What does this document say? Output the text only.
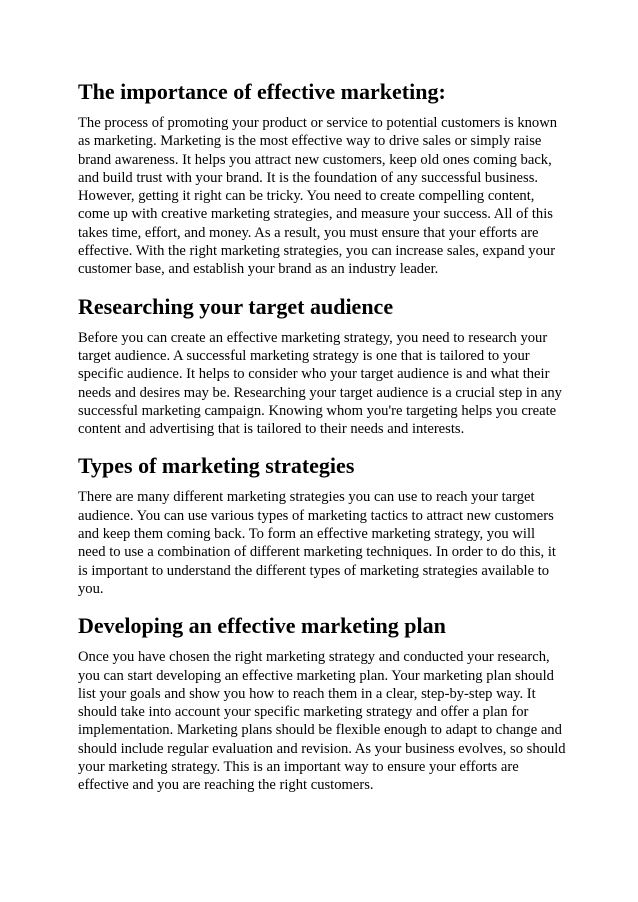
The importance of effective marketing:

The process of promoting your product or service to potential customers is known as marketing. Marketing is the most effective way to drive sales or simply raise brand awareness. It helps you attract new customers, keep old ones coming back, and build trust with your brand. It is the foundation of any successful business. However, getting it right can be tricky. You need to create compelling content, come up with creative marketing strategies, and measure your success. All of this takes time, effort, and money. As a result, you must ensure that your efforts are effective. With the right marketing strategies, you can increase sales, expand your customer base, and establish your brand as an industry leader.

Researching your target audience

Before you can create an effective marketing strategy, you need to research your target audience. A successful marketing strategy is one that is tailored to your specific audience. It helps to consider who your target audience is and what their needs and desires may be. Researching your target audience is a crucial step in any successful marketing campaign. Knowing whom you're targeting helps you create content and advertising that is tailored to their needs and interests.

Types of marketing strategies

There are many different marketing strategies you can use to reach your target audience. You can use various types of marketing tactics to attract new customers and keep them coming back. To form an effective marketing strategy, you will need to use a combination of different marketing techniques. In order to do this, it is important to understand the different types of marketing strategies available to you.

Developing an effective marketing plan

Once you have chosen the right marketing strategy and conducted your research, you can start developing an effective marketing plan. Your marketing plan should list your goals and show you how to reach them in a clear, step-by-step way. It should take into account your specific marketing strategy and offer a plan for implementation. Marketing plans should be flexible enough to adapt to change and should include regular evaluation and revision. As your business evolves, so should your marketing strategy. This is an important way to ensure your efforts are effective and you are reaching the right customers.
